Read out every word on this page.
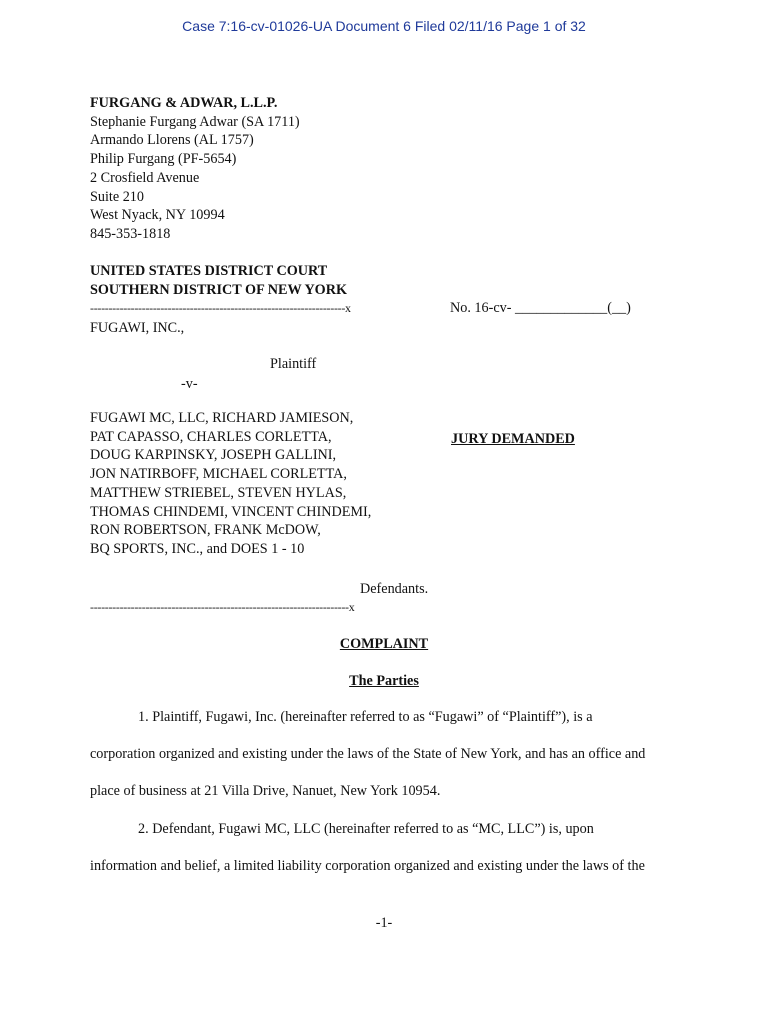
Case 7:16-cv-01026-UA Document 6 Filed 02/11/16 Page 1 of 32
FURGANG & ADWAR, L.L.P.
Stephanie Furgang Adwar (SA 1711)
Armando Llorens (AL 1757)
Philip Furgang (PF-5654)
2 Crosfield Avenue
Suite 210
West Nyack, NY 10994
845-353-1818
UNITED STATES DISTRICT COURT
SOUTHERN DISTRICT OF NEW YORK
---------------------------------------------------------------------x	No. 16-cv- _____________(__)
FUGAWI, INC.,
Plaintiff
-v-
FUGAWI MC, LLC, RICHARD JAMIESON,
PAT CAPASSO, CHARLES CORLETTA,
DOUG KARPINSKY, JOSEPH GALLINI,
JON NATIRBOFF, MICHAEL CORLETTA,
MATTHEW STRIEBEL, STEVEN HYLAS,
THOMAS CHINDEMI, VINCENT CHINDEMI,
RON ROBERTSON, FRANK McDOW,
BQ SPORTS, INC., and DOES 1 - 10
JURY DEMANDED
Defendants.
----------------------------------------------------------------------x
COMPLAINT
The Parties
1. Plaintiff, Fugawi, Inc. (hereinafter referred to as “Fugawi” of “Plaintiff”), is a
corporation organized and existing under the laws of the State of New York, and has an office and
place of business at 21 Villa Drive, Nanuet, New York 10954.
2. Defendant, Fugawi MC, LLC (hereinafter referred to as “MC, LLC”) is, upon
information and belief, a limited liability corporation organized and existing under the laws of the
-1-
